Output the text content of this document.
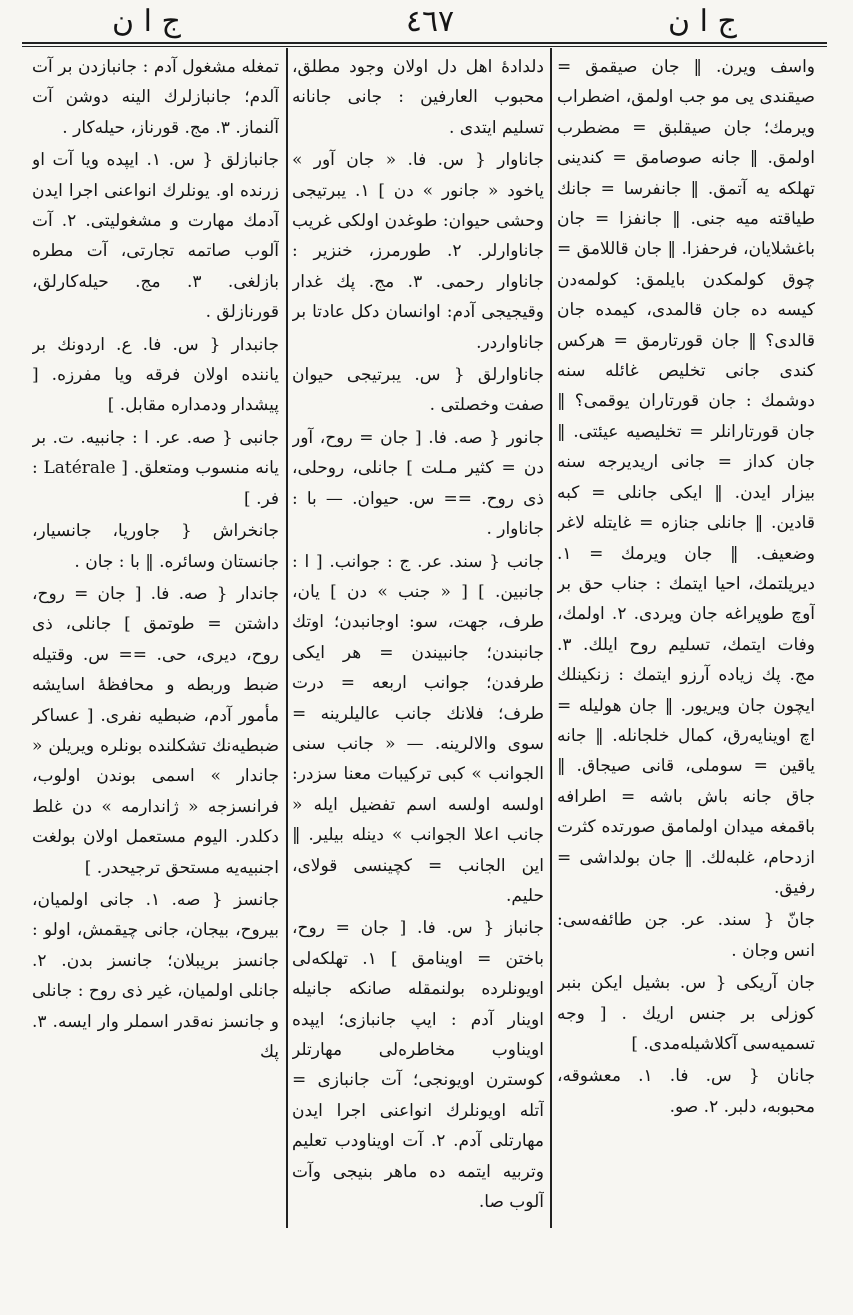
ج ا ن	٤٦٧	ج ا ن

واسف ویرن. ‖ جان صیقمق = صیقندی یی مو جب اولمق، اضطراب ویرمك؛ جان صیقلبق = مضطرب اولمق. ‖ جانه صوصامق = كندینی تهلكه یه آتمق. ‖ جانفرسا = جانك طیاقته میه جنی. ‖ جانفزا = جان باغشلایان، فرحفزا. ‖ جان قاللامق = چوق كولمكدن بایلمق: كولمه‌دن كیسه ده جان قالمدی، كیمده جان قالدی؟ ‖ جان قورتارمق = هركس كندی جانی تخلیص غائله سنه دوشمك : جان قورتاران یوقمی؟ ‖ جان قورتارانلر = تخلیصیه عیئتی. ‖ جان كداز = جانی اریدیرجه سنه بیزار ایدن. ‖ ایكی جانلی = كبه قادین. ‖ جانلی جنازه = غایتله لاغر وضعیف. ‖ جان ویرمك = ۱. دیریلتمك، احیا ایتمك : جناب حق بر آوچ طوپراغه جان ویردی. ۲. اولمك، وفات ایتمك، تسلیم روح ایلك. ۳. مج. پك زیاده آرزو ایتمك : زنكینلك ایچون جان ویریور. ‖ جان هولیله = اچ اوینایه‌رق، كمال خلجانله. ‖ جانه یاقین = سوملی، قانی صیجاق. ‖ جاق جانه باش باشه = اطرافه باقمغه میدان اولمامق صورتده كثرت ازدحام، غلبه‌لك. ‖ جان بولداشی = رفیق.

جانّ { سند. عر. جن طائفه‌سی: انس وجان .

جان آریكی { س. بشیل ایكن بنبر كوزلی بر جنس اریك . [ وجه تسمیه‌سی آكلاشیله‌مدی. ]

جانان { س. فا. ۱. معشوقه، محبوبه، دلبر. ۲. صو.

دلدادهٔ اهل دل اولان وجود مطلق، محبوب العارفین : جانی جانانه تسلیم ایتدی .

جاناوار { س. فا. « جان آور » یاخود « جانور » دن ] ۱. یبرتیجی وحشی حیوان: طوغدن اولكی غریب جاناوارلر. ۲. طورمرز، خنزیر : جاناوار رحمی. ۳. مج. پك غدار وقیجیجی آدم: اوانسان دكل عادتا بر جاناواردر.

جاناوارلق { س. یبرتیجی حیوان صفت وخصلتی .

جانور { صه. فا. [ جان = روح، آور دن = كثیر مـلت ] جانلی، روحلی، ذی روح. == س. حیوان. — با : جاناوار .

جانب { سند. عر. ج : جوانب. [ ا : جانبین. ] [ « جنب » دن ] یان، طرف، جهت، سو: اوجانبدن؛ اوتك جانبندن؛ جانبیندن = هر ایكی طرفدن؛ جوانب اربعه = درت طرف؛ فلانك جانب عالیلرینه = سوی والالرینه. — « جانب سنی الجوانب » كبی تركیبات معنا سزدر: اولسه اولسه اسم تفضیل ایله « جانب اعلا الجوانب » دینله بیلیر. ‖ این الجانب = كچینسی قولای، حلیم.

جانباز { س. فا. [ جان = روح، باختن = اوینامق ] ۱. تهلكه‌لی اویونلرده بولنمقله صانكه جانیله اوینار آدم : ایپ جانبازی؛ ایپده اویناوب مخاطره‌لی مهارتلر كوسترن اویونجی؛ آت جانبازی = آتله اویونلرك انواعنی اجرا ایدن مهارتلی آدم. ۲. آت اویناودب تعلیم وتربیه ایتمه ده ماهر بنیجی وآت آلوب صا.

تمغله مشغول آدم : جانبازدن بر آت آلدم؛ جانبازلرك الینه دوشن آت آلنماز. ۳. مج. قورناز، حیله‌كار .

جانبازلق { س. ۱. ایپده ویا آت او زرنده او. یونلرك انواعنی اجرا ایدن آدمك مهارت و مشغولیتی. ۲. آت آلوب صاتمه تجارتی، آت مطره بازلغی. ۳. مج. حیله‌كارلق، قورنازلق .

جانبدار { س. فا. ع. اردونك بر یاننده اولان فرقه ویا مفرزه. [ پیشدار ودمداره مقابل. ]

جانبی { صه. عر. ا : جانبیه. ت. بر یانه منسوب ومتعلق. [ Latérale : فر. ]

جانخراش { جاوریا، جانسیار، جانستان وسائره. ‖ با : جان .

جاندار { صه. فا. [ جان = روح، داشتن = طوتمق ] جانلی، ذی روح، دیری، حی. == س. وقتیله ضبط وربطه و محافظهٔ اسایشه مأمور آدم، ضبطیه نفری. [ عساكر ضبطیه‌نك تشكلنده بونلره ویریلن « جاندار » اسمی بوندن اولوب، فرانسزجه « ژاندارمه » دن غلط دكلدر. الیوم مستعمل اولان بولغت اجنبیه‌یه مستحق ترجیحدر. ]

جانسز { صه. ۱. جانی اولمیان، بیروح، بیجان، جانی چیقمش، اولو : جانسز بریبلان؛ جانسز بدن. ۲. جانلی اولمیان، غیر ذی روح : جانلی و جانسز نه‌قدر اسملر وار ایسه. ۳. پك
